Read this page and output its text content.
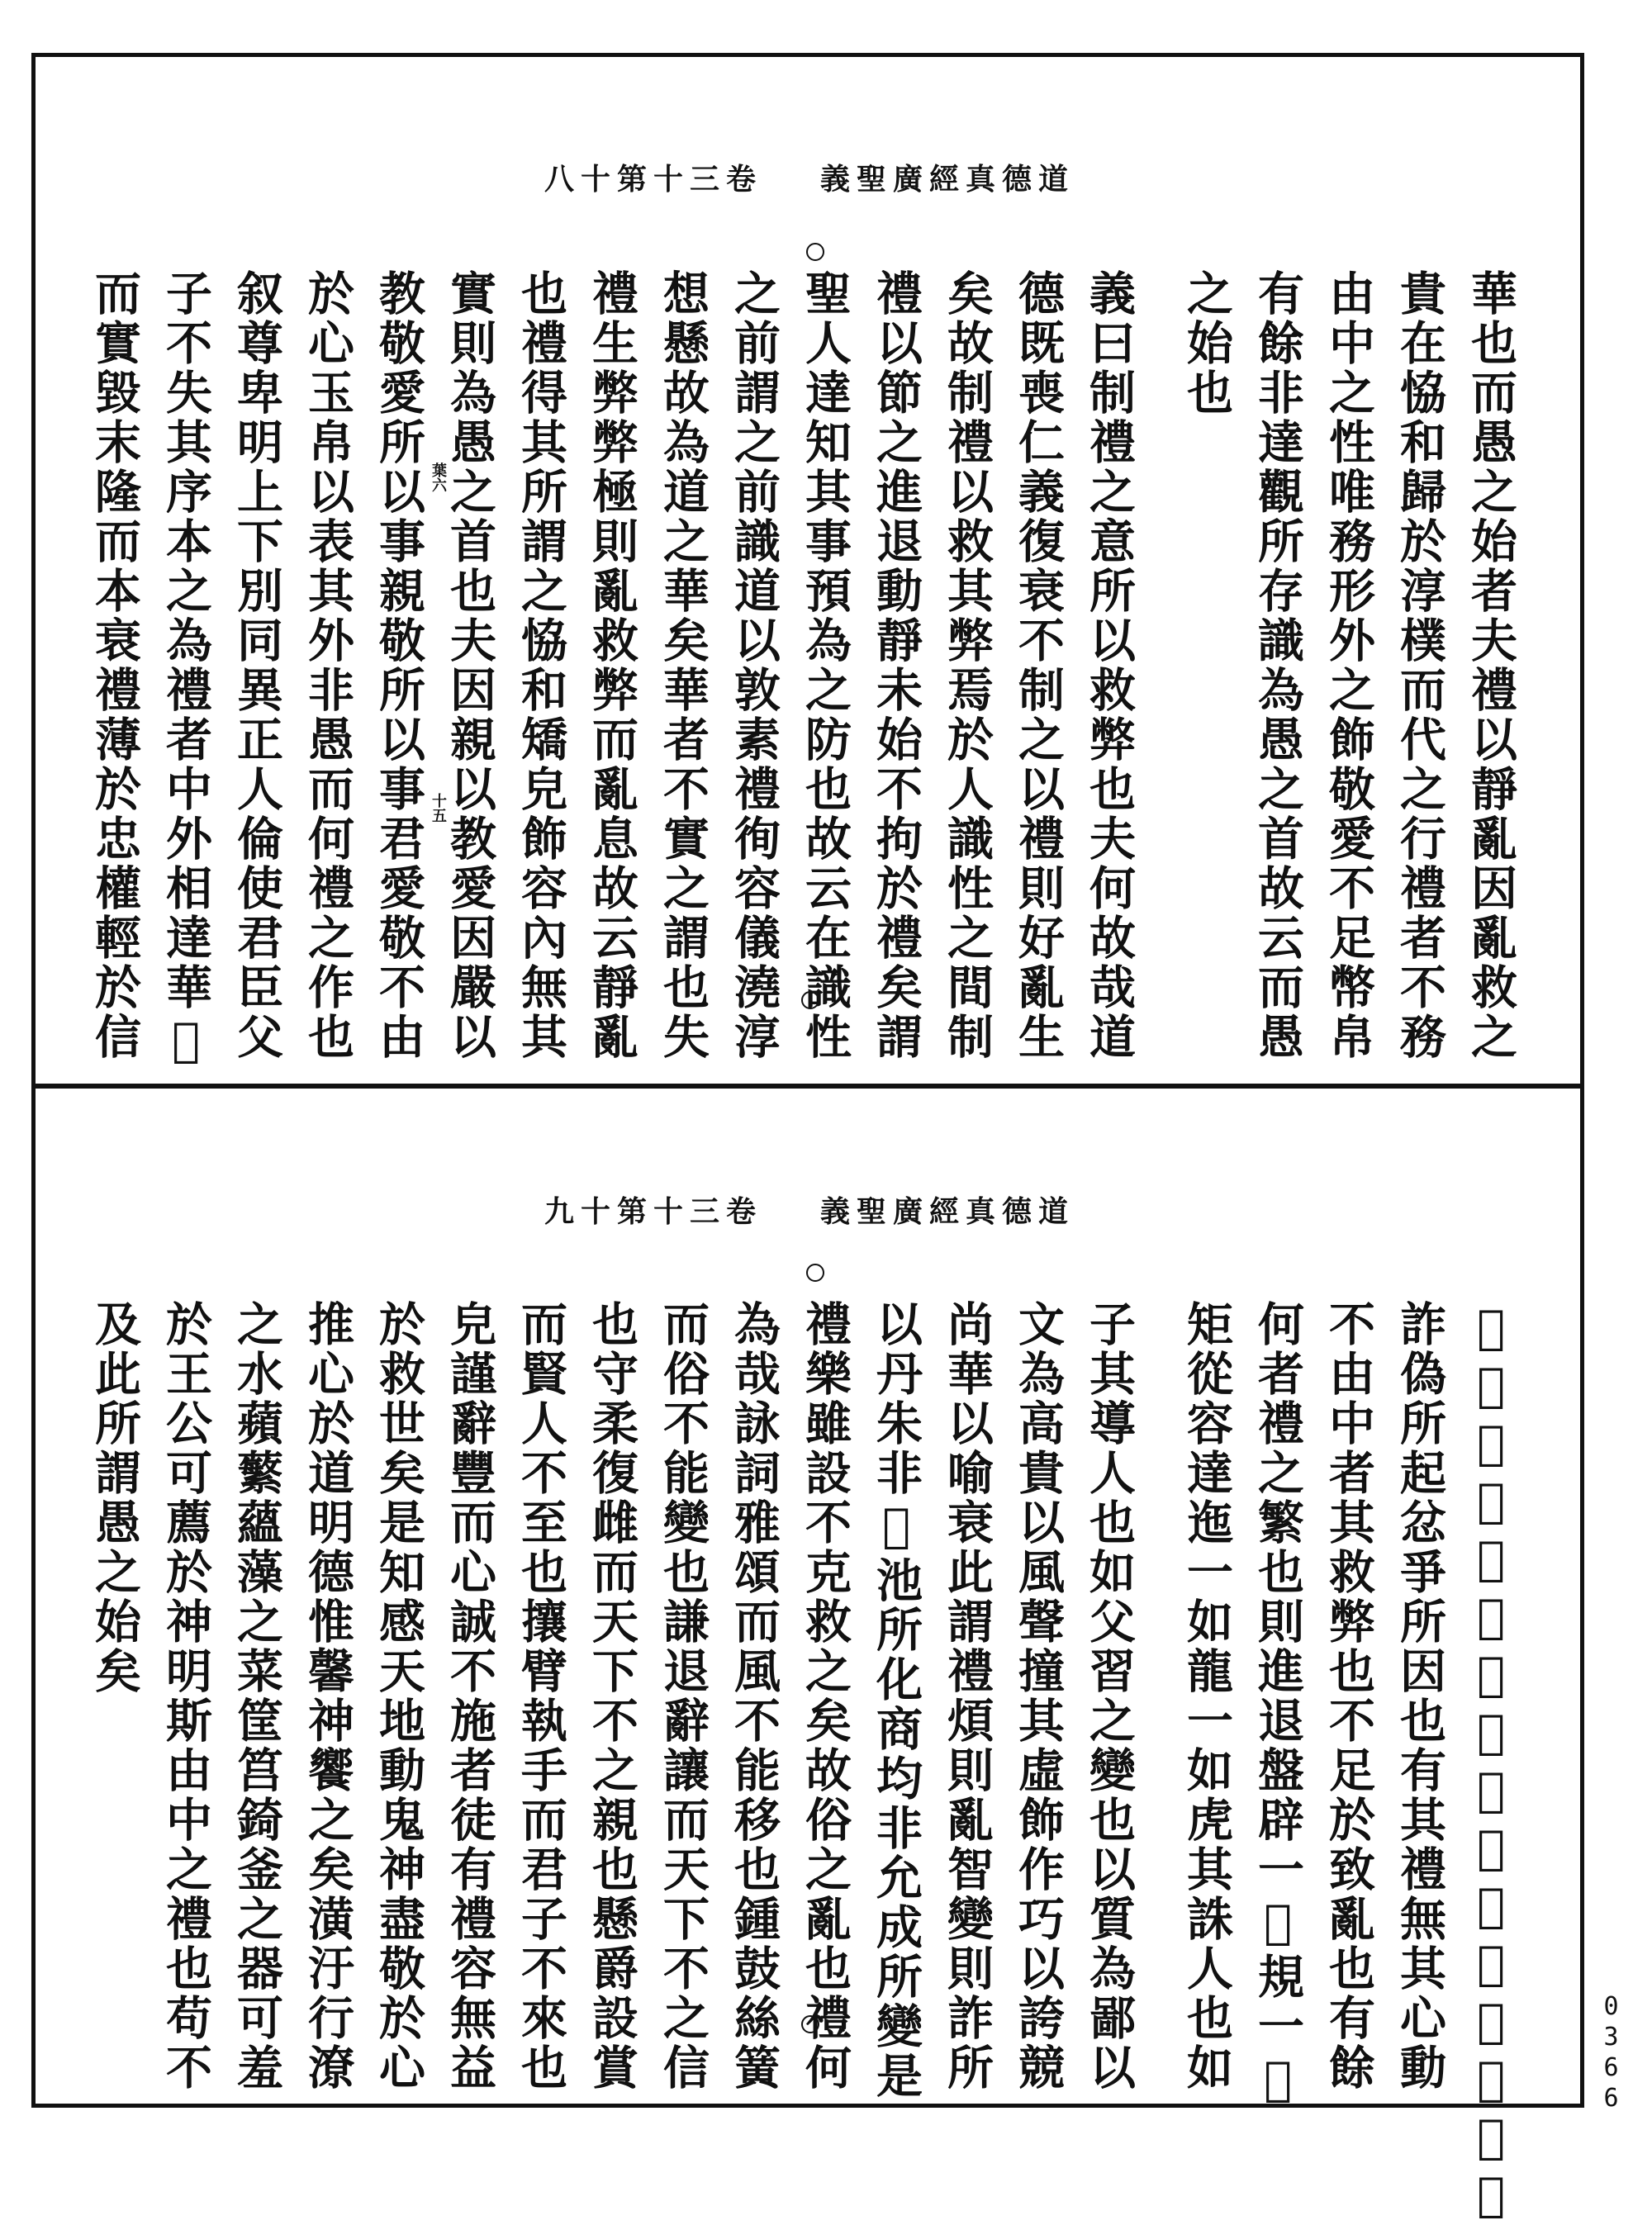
八十第十三卷 義聖廣經真德道
華也而愚之始者夫禮以靜亂因亂救之
貴在恊和歸於淳樸而代之行禮者不務
由中之性唯務形外之飾敬愛不足幣帛
有餘非達觀所存識為愚之首故云而愚
之始也
義曰制禮之意所以救弊也夫何故哉道
德既喪仁義復衰不制之以禮則好亂生
矣故制禮以救其弊焉於人識性之間制
禮以節之進退動靜未始不拘於禮矣謂
聖人達知其事預為之防也故云在識性
之前謂之前識道以敦素禮徇容儀澆淳
想懸故為道之華矣華者不實之謂也失
禮生弊弊極則亂救弊而亂息故云靜亂
也禮得其所謂之恊和矯皃飾容內無其
實則為愚之首也夫因親以教愛因嚴以
教敬愛所以事親敬所以事君愛敬不由
於心玉帛以表其外非愚而何禮之作也
叙尊卑明上下別同異正人倫使君臣父
子不失其序本之為禮者中外相達華𢧐
而實毀末隆而本衰禮薄於忠權輕於信	葉六
十五
九十第十三卷 義聖廣經真德道
𢧐不及義德不逮仁為理之末為亂之首
詐偽所起忿爭所因也有其禮無其心動
不由中者其救弊也不足於致亂也有餘
何者禮之繁也則進退盤辟一𢧐規一𢧐
矩從容達迤一如龍一如虎其誅人也如
子其導人也如父習之變也以質為鄙以
文為高貴以風聲撞其虛飾作巧以誇競
尚華以喻衰此謂禮煩則亂智變則詐所
以丹朱非𢧐池所化商均非允成所變是
禮樂雖設不克救之矣故俗之亂也禮何
為哉詠詞雅頌而風不能移也鍾鼓絲簧
而俗不能變也謙退辭讓而天下不之信
也守柔復雌而天下不之親也懸爵設賞
而賢人不至也攘臂執手而君子不來也
皃謹辭豐而心誠不施者徒有禮容無益
於救世矣是知感天地動鬼神盡敬於心
推心於道明德惟馨神饗之矣潢汙行潦
之水蘋蘩蘊藻之菜筐筥錡釜之器可羞
於王公可薦於神明斯由中之禮也苟不
及此所謂愚之始矣
0366
